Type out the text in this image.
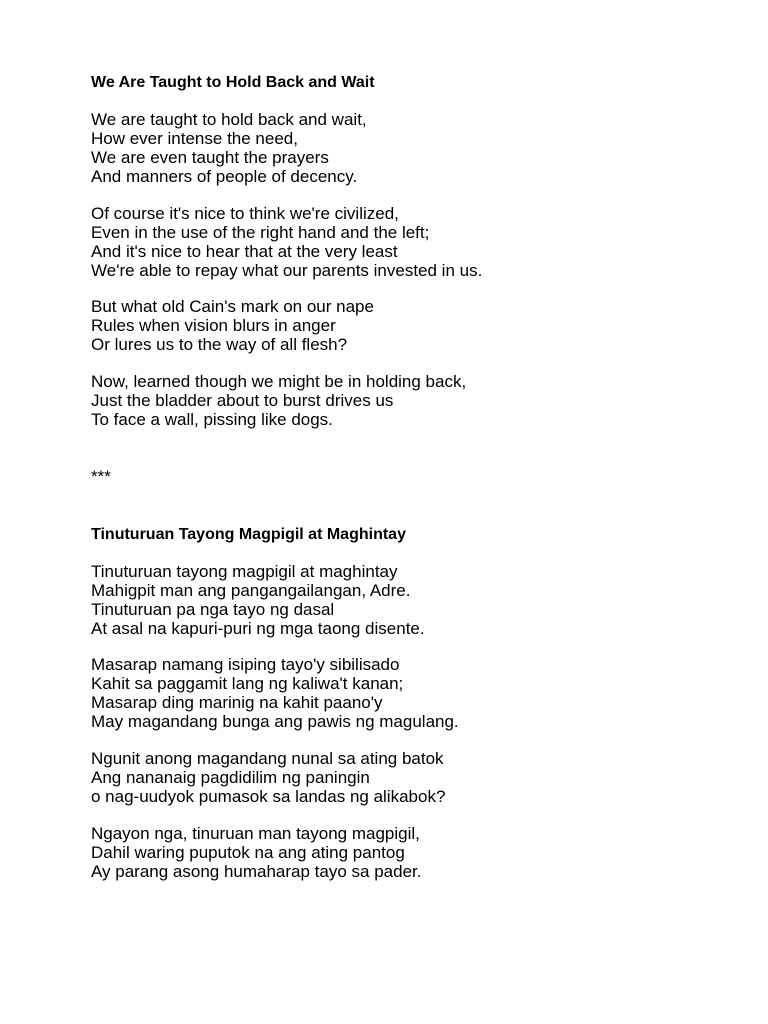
We Are Taught to Hold Back and Wait
We are taught to hold back and wait,
How ever intense the need,
We are even taught the prayers
And manners of people of decency.
Of course it's nice to think we're civilized,
Even in the use of the right hand and the left;
And it's nice to hear that at the very least
We're able to repay what our parents invested in us.
But what old Cain's mark on our nape
Rules when vision blurs in anger
Or lures us to the way of all flesh?
Now, learned though we might be in holding back,
Just the bladder about to burst drives us
To face a wall, pissing like dogs.
***
Tinuturuan Tayong Magpigil at Maghintay
Tinuturuan tayong magpigil at maghintay
Mahigpit man ang pangangailangan, Adre.
Tinuturuan pa nga tayo ng dasal
At asal na kapuri-puri ng mga taong disente.
Masarap namang isiping tayo'y sibilisado
Kahit sa paggamit lang ng kaliwa't kanan;
Masarap ding marinig na kahit paano'y
May magandang bunga ang pawis ng magulang.
Ngunit anong magandang nunal sa ating batok
Ang nananaig pagdidilim ng paningin
o nag-uudyok pumasok sa landas ng alikabok?
Ngayon nga, tinuruan man tayong magpigil,
Dahil waring puputok na ang ating pantog
Ay parang asong humaharap tayo sa pader.
